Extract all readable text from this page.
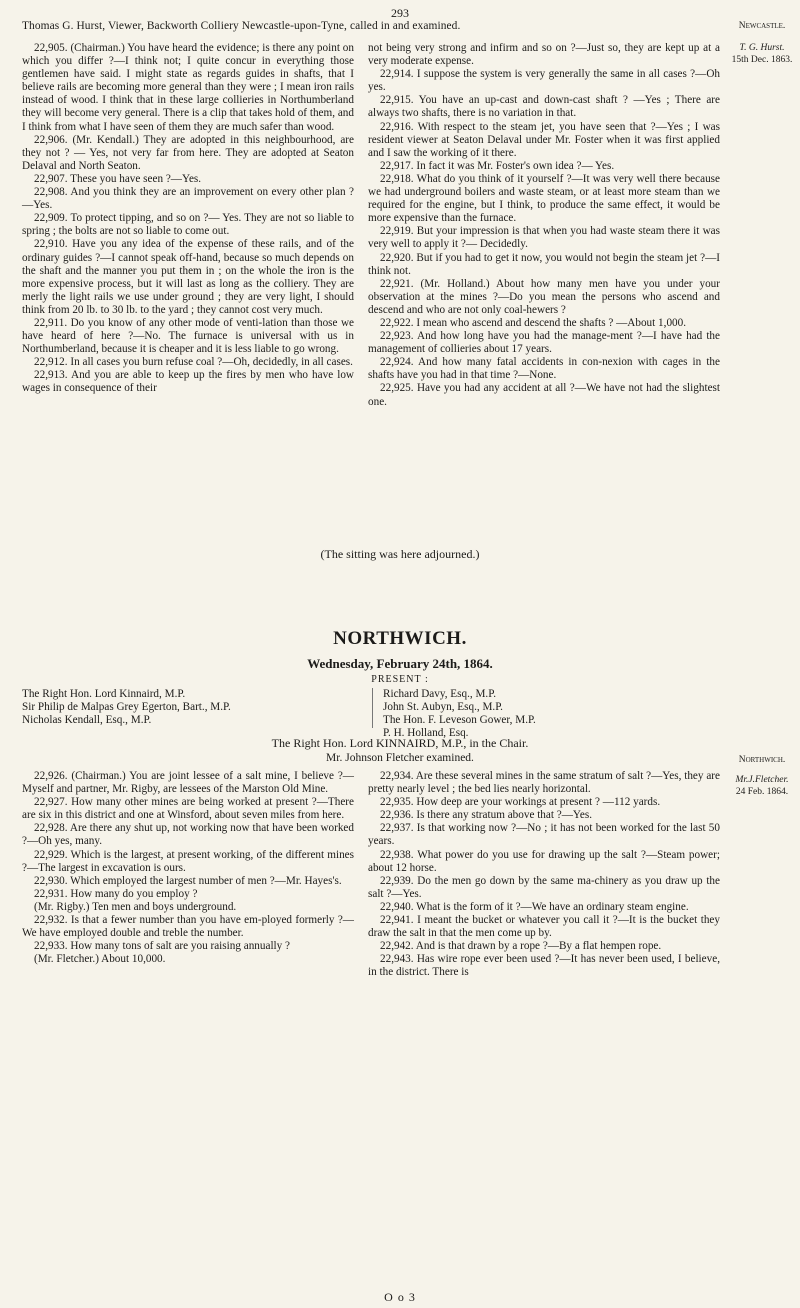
293
Thomas G. Hurst, Viewer, Backworth Colliery Newcastle-upon-Tyne, called in and examined.	Newcastle.
T. G. Hurst.
15th Dec. 1863.

22,905. (Chairman.) You have heard the evidence; is there any point on which you differ ?—I think not; I quite concur in everything those gentlemen have said. I might state as regards guides in shafts, that I believe rails are becoming more general than they were ; I mean iron rails instead of wood. I think that in these large collieries in Northumberland they will become very general. There is a clip that takes hold of them, and I think from what I have seen of them they are much safer than wood.

22,906. (Mr. Kendall.) They are adopted in this neighbourhood, are they not ? — Yes, not very far from here. They are adopted at Seaton Delaval and North Seaton.

22,907. These you have seen ?—Yes.

22,908. And you think they are an improvement on every other plan ?—Yes.

22,909. To protect tipping, and so on ?— Yes. They are not so liable to spring ; the bolts are not so liable to come out.

22,910. Have you any idea of the expense of these rails, and of the ordinary guides ?—I cannot speak off-hand, because so much depends on the shaft and the manner you put them in ; on the whole the iron is the more expensive process, but it will last as long as the colliery. They are merly the light rails we use under ground ; they are very light, I should think from 20 lb. to 30 lb. to the yard ; they cannot cost very much.

22,911. Do you know of any other mode of venti-lation than those we have heard of here ?—No. The furnace is universal with us in Northumberland, because it is cheaper and it is less liable to go wrong.

22,912. In all cases you burn refuse coal ?—Oh, decidedly, in all cases.

22,913. And you are able to keep up the fires by men who have low wages in consequence of their

not being very strong and infirm and so on ?—Just so, they are kept up at a very moderate expense.

22,914. I suppose the system is very generally the same in all cases ?—Oh yes.

22,915. You have an up-cast and down-cast shaft ? —Yes ; There are always two shafts, there is no variation in that.

22,916. With respect to the steam jet, you have seen that ?—Yes ; I was resident viewer at Seaton Delaval under Mr. Foster when it was first applied and I saw the working of it there.

22,917. In fact it was Mr. Foster's own idea ?— Yes.

22,918. What do you think of it yourself ?—It was very well there because we had underground boilers and waste steam, or at least more steam than we required for the engine, but I think, to produce the same effect, it would be more expensive than the furnace.

22,919. But your impression is that when you had waste steam there it was very well to apply it ?— Decidedly.

22,920. But if you had to get it now, you would not begin the steam jet ?—I think not.

22,921. (Mr. Holland.) About how many men have you under your observation at the mines ?—Do you mean the persons who ascend and descend and who are not only coal-hewers ?

22,922. I mean who ascend and descend the shafts ? —About 1,000.

22,923. And how long have you had the manage-ment ?—I have had the management of collieries about 17 years.

22,924. And how many fatal accidents in con-nexion with cages in the shafts have you had in that time ?—None.

22,925. Have you had any accident at all ?—We have not had the slightest one.

(The sitting was here adjourned.)
NORTHWICH.
Wednesday, February 24th, 1864.
PRESENT :
The Right Hon. Lord Kinnaird, M.P.
Sir Philip de Malpas Grey Egerton, Bart., M.P.
Nicholas Kendall, Esq., M.P.
Richard Davy, Esq., M.P.
John St. Aubyn, Esq., M.P.
The Hon. F. Leveson Gower, M.P.
P. H. Holland, Esq.
The Right Hon. Lord KINNAIRD, M.P., in the Chair.
Mr. Johnson Fletcher examined.	Northwich.
Mr.J.Fletcher.
24 Feb. 1864.

22,926. (Chairman.) You are joint lessee of a salt mine, I believe ?—Myself and partner, Mr. Rigby, are lessees of the Marston Old Mine.

22,927. How many other mines are being worked at present ?—There are six in this district and one at Winsford, about seven miles from here.

22,928. Are there any shut up, not working now that have been worked ?—Oh yes, many.

22,929. Which is the largest, at present working, of the different mines ?—The largest in excavation is ours.

22,930. Which employed the largest number of men ?—Mr. Hayes's.

22,931. How many do you employ ?

(Mr. Rigby.) Ten men and boys underground.

22,932. Is that a fewer number than you have em-ployed formerly ?—We have employed double and treble the number.

22,933. How many tons of salt are you raising annually ?

(Mr. Fletcher.) About 10,000.

22,934. Are these several mines in the same stratum of salt ?—Yes, they are pretty nearly level ; the bed lies nearly horizontal.

22,935. How deep are your workings at present ? —112 yards.

22,936. Is there any stratum above that ?—Yes.

22,937. Is that working now ?—No ; it has not been worked for the last 50 years.

22,938. What power do you use for drawing up the salt ?—Steam power; about 12 horse.

22,939. Do the men go down by the same ma-chinery as you draw up the salt ?—Yes.

22,940. What is the form of it ?—We have an ordinary steam engine.

22,941. I meant the bucket or whatever you call it ?—It is the bucket they draw the salt in that the men come up by.

22,942. And is that drawn by a rope ?—By a flat hempen rope.

22,943. Has wire rope ever been used ?—It has never been used, I believe, in the district. There is

O o 3
